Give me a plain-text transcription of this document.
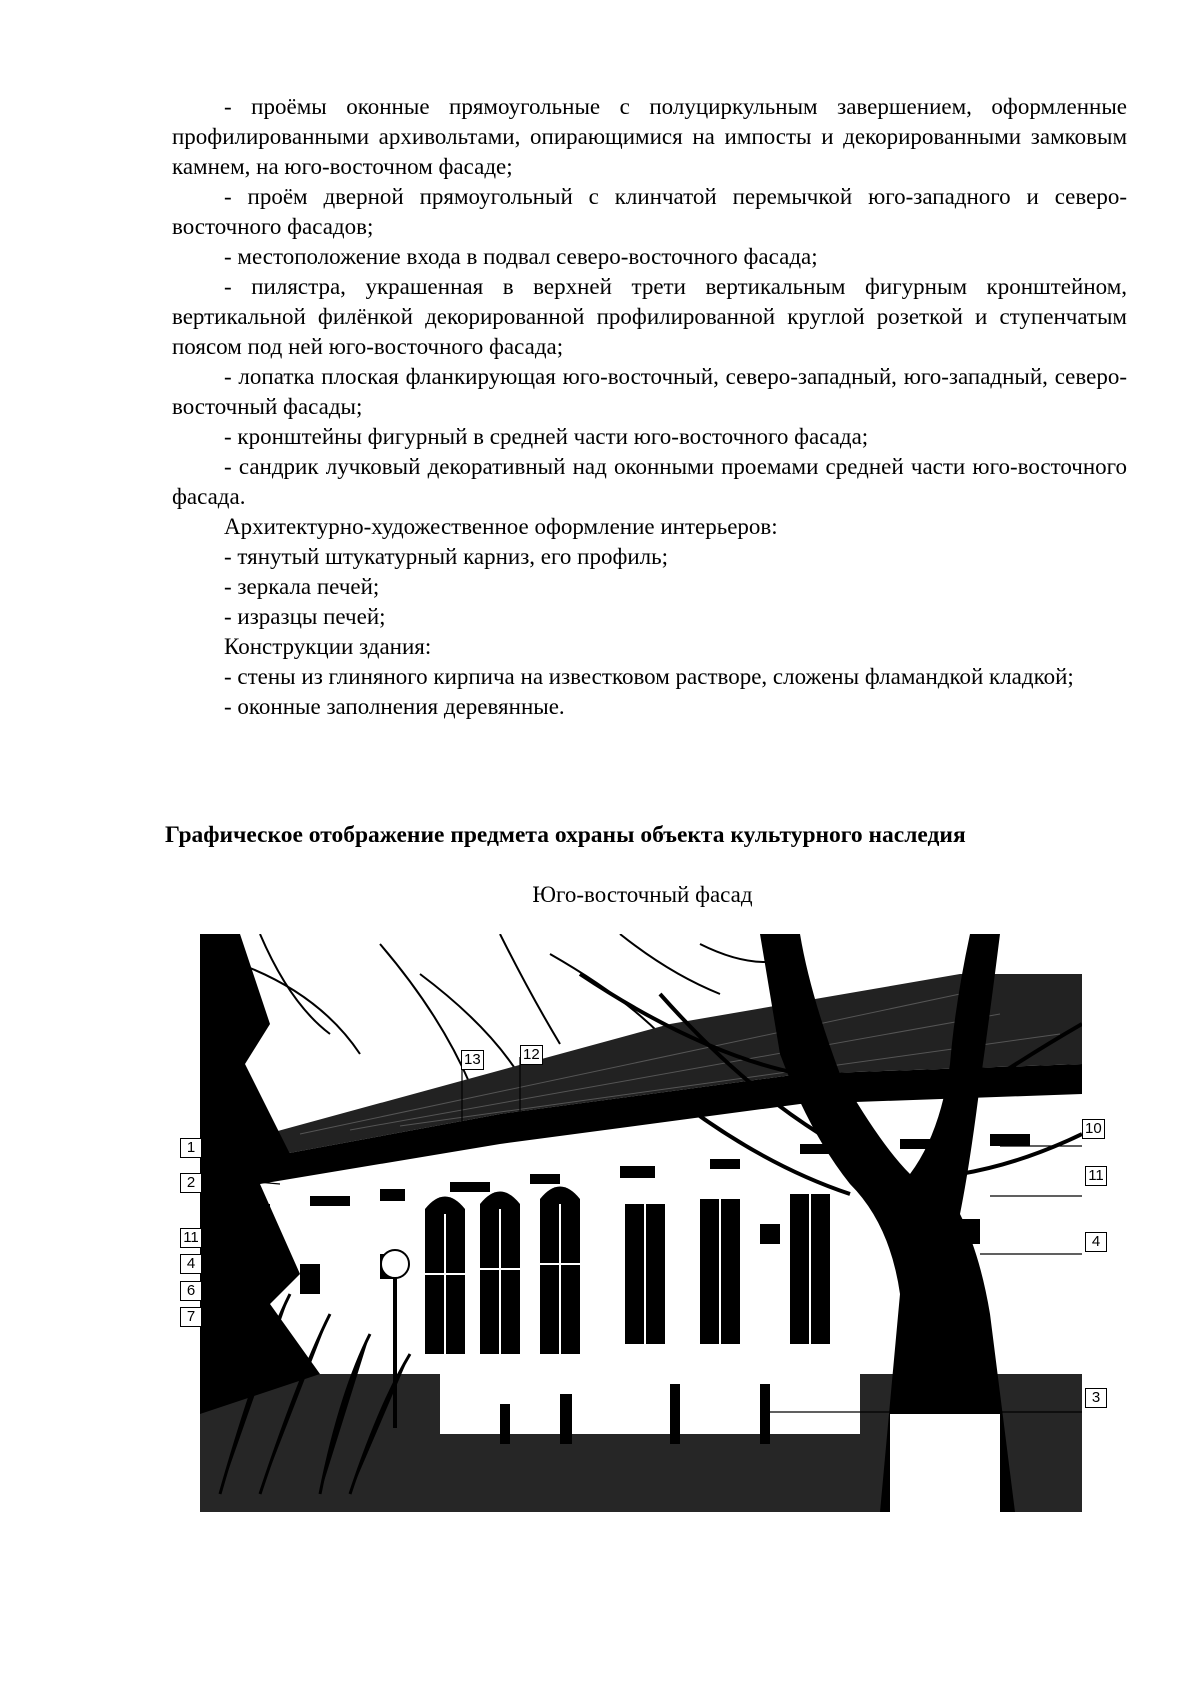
- проёмы оконные прямоугольные с полуциркульным завершением, оформленные профилированными архивольтами, опирающимися на импосты и декорированными замковым камнем, на юго-восточном фасаде;

- проём дверной прямоугольный с клинчатой перемычкой юго-западного и северо-восточного фасадов;

- местоположение входа в подвал северо-восточного фасада;

- пилястра, украшенная в верхней трети вертикальным фигурным кронштейном, вертикальной филёнкой декорированной профилированной круглой розеткой и ступенчатым поясом под ней юго-восточного фасада;

- лопатка плоская фланкирующая юго-восточный, северо-западный, юго-западный, северо-восточный фасады;

- кронштейны фигурный в средней части юго-восточного фасада;

- сандрик лучковый декоративный над оконными проемами средней части юго-восточного фасада.

Архитектурно-художественное оформление интерьеров:

- тянутый штукатурный карниз, его профиль;

- зеркала печей;

- изразцы печей;

Конструкции здания:

- стены из глиняного кирпича на известковом растворе, сложены фламандкой кладкой;

- оконные заполнения деревянные.

Графическое отображение предмета охраны объекта культурного наследия
Юго-восточный фасад
13	12
1
2
11
4
6
7
10
11
4
3
